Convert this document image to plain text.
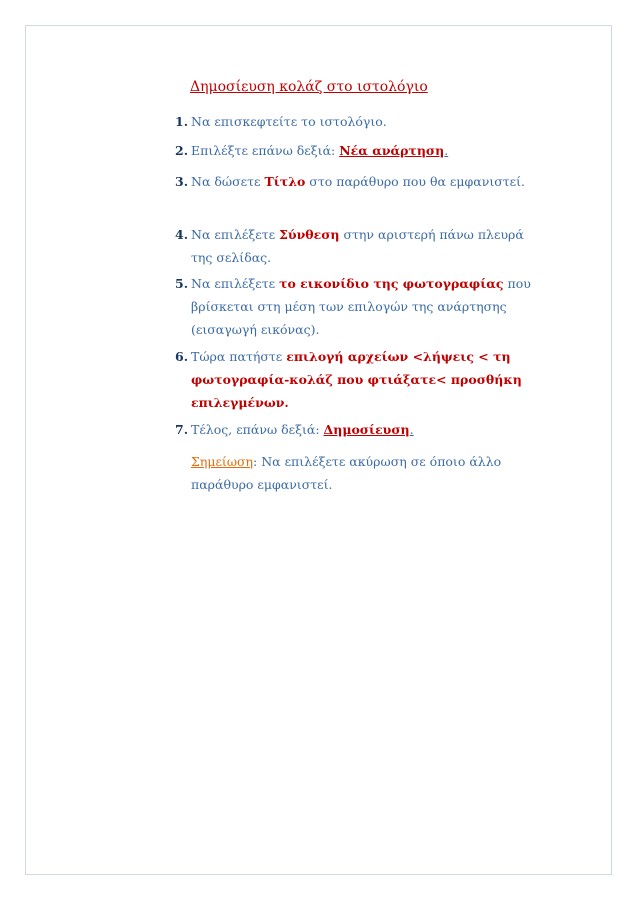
Δημοσίευση κολάζ στο ιστολόγιο
1. Να επισκεφτείτε το ιστολόγιο.
2. Επιλέξτε επάνω δεξιά: Νέα ανάρτηση.
3. Να δώσετε Τίτλο στο παράθυρο που θα εμφανιστεί.
4. Να επιλέξετε Σύνθεση στην αριστερή πάνω πλευρά της σελίδας.
5. Να επιλέξετε το εικονίδιο της φωτογραφίας που βρίσκεται στη μέση των επιλογών της ανάρτησης (εισαγωγή εικόνας).
6. Τώρα πατήστε επιλογή αρχείων <λήψεις < τη φωτογραφία-κολάζ που φτιάξατε< προσθήκη επιλεγμένων.
7. Τέλος, επάνω δεξιά: Δημοσίευση.
Σημείωση: Να επιλέξετε ακύρωση σε όποιο άλλο παράθυρο εμφανιστεί.
